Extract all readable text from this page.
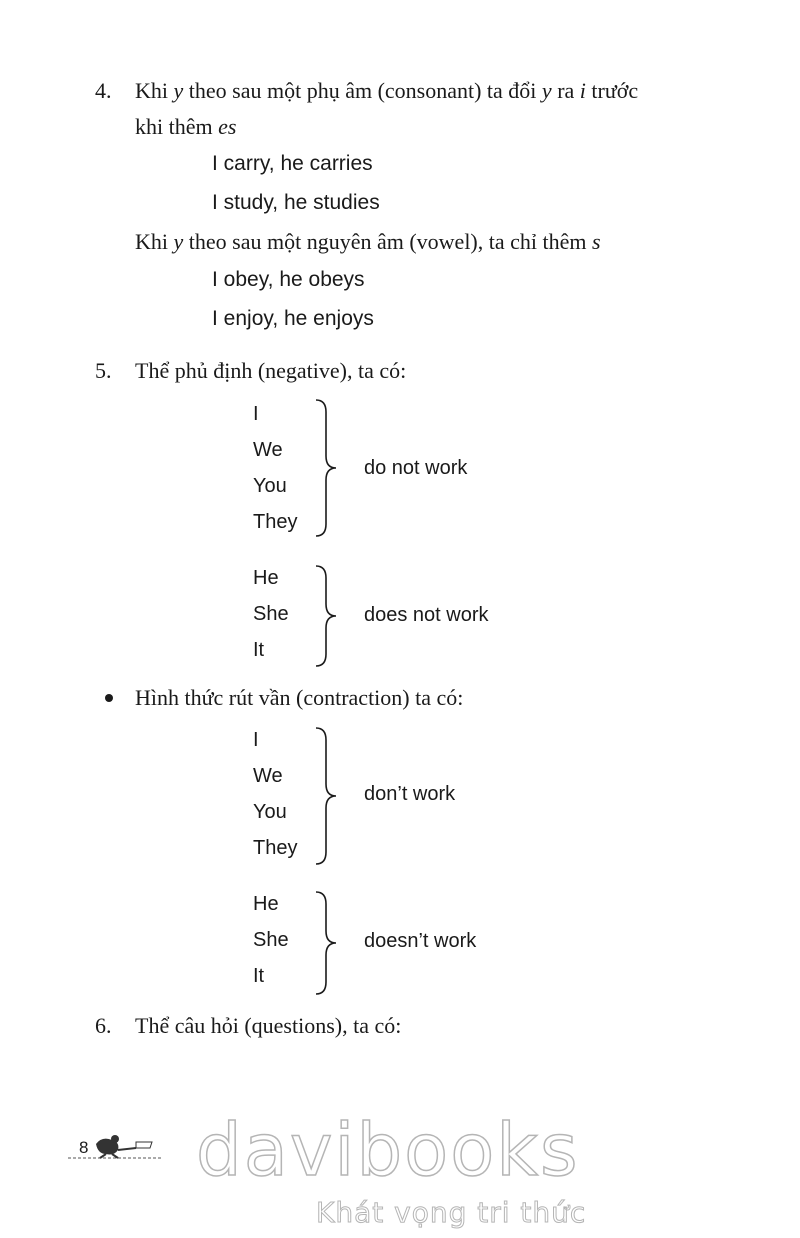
4. Khi y theo sau một phụ âm (consonant) ta đổi y ra i trước
khi thêm es
I carry, he carries
I study, he studies
Khi y theo sau một nguyên âm (vowel), ta chỉ thêm s
I obey, he obeys
I enjoy, he enjoys
5. Thể phủ định (negative), ta có:
I
We
You
They
do not work
He
She
It
does not work
Hình thức rút vần (contraction) ta có:
I
We
You
They
don’t work
He
She
It
doesn’t work
6. Thể câu hỏi (questions), ta có:
8 davibooks
Khát vọng tri thức
